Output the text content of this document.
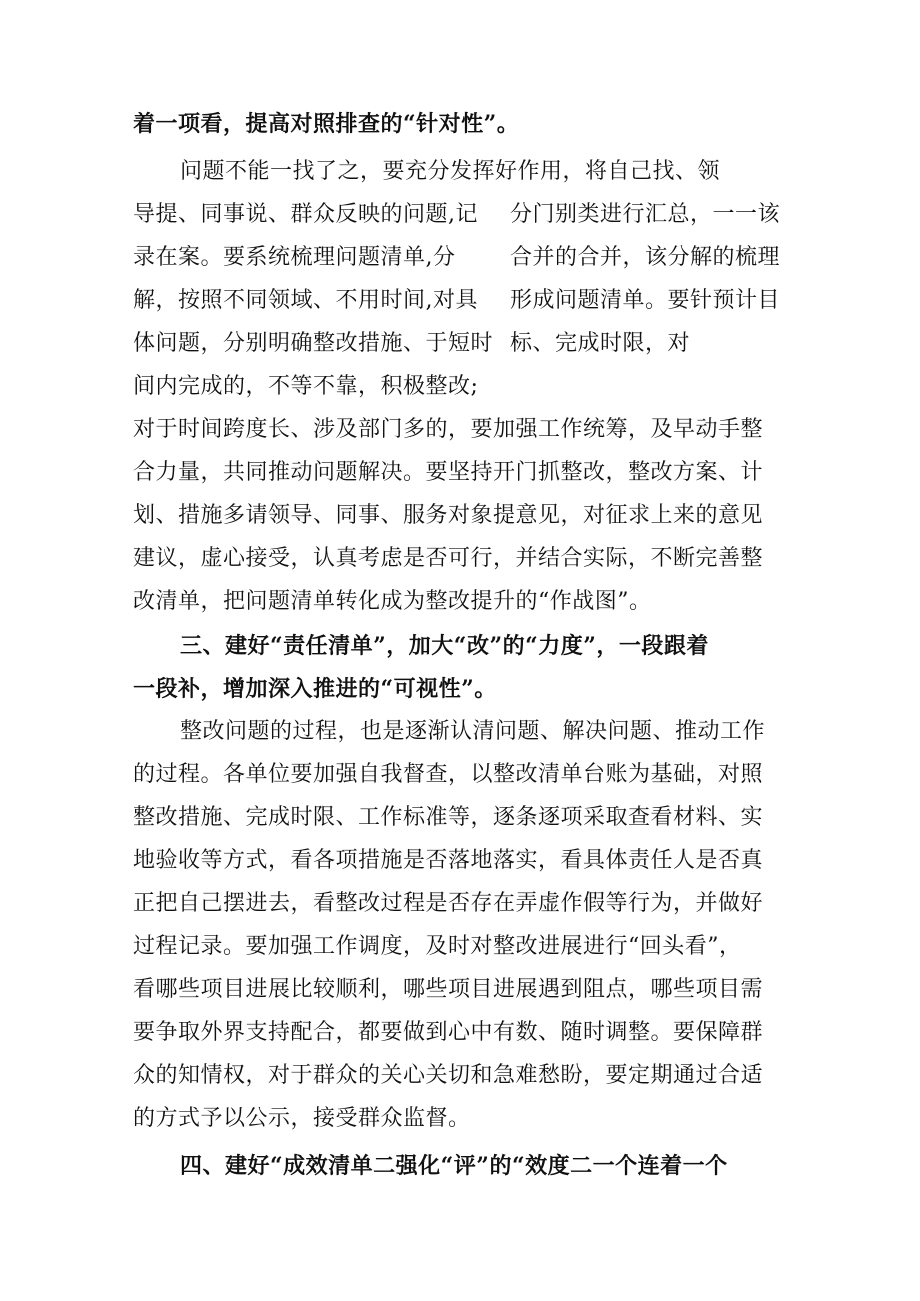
着一项看，提高对照排查的“针对性”。
问题不能一找了之，要充分发挥好作用，将自己找、领
导提、同事说、群众反映的问题,记 分门别类进行汇总，一一该
录在案。要系统梳理问题清单,分 合并的合并，该分解的梳理
解，按照不同领域、不用时间,对具 形成问题清单。要针预计目
体问题，分别明确整改措施、于短时 标、完成时限，对
间内完成的，不等不靠，积极整改;
对于时间跨度长、涉及部门多的，要加强工作统筹，及早动手整
合力量，共同推动问题解决。要坚持开门抓整改，整改方案、计
划、措施多请领导、同事、服务对象提意见，对征求上来的意见
建议，虚心接受，认真考虑是否可行，并结合实际，不断完善整
改清单，把问题清单转化成为整改提升的“作战图”。
三、建好“责任清单”，加大“改”的“力度”，一段跟着
一段补，增加深入推进的“可视性”。
整改问题的过程，也是逐渐认清问题、解决问题、推动工作
的过程。各单位要加强自我督查，以整改清单台账为基础，对照
整改措施、完成时限、工作标准等，逐条逐项采取查看材料、实
地验收等方式，看各项措施是否落地落实，看具体责任人是否真
正把自己摆进去，看整改过程是否存在弄虚作假等行为，并做好
过程记录。要加强工作调度，及时对整改进展进行“回头看”，
看哪些项目进展比较顺利，哪些项目进展遇到阻点，哪些项目需
要争取外界支持配合，都要做到心中有数、随时调整。要保障群
众的知情权，对于群众的关心关切和急难愁盼，要定期通过合适
的方式予以公示，接受群众监督。
四、建好“成效清单二强化“评”的“效度二一个连着一个
